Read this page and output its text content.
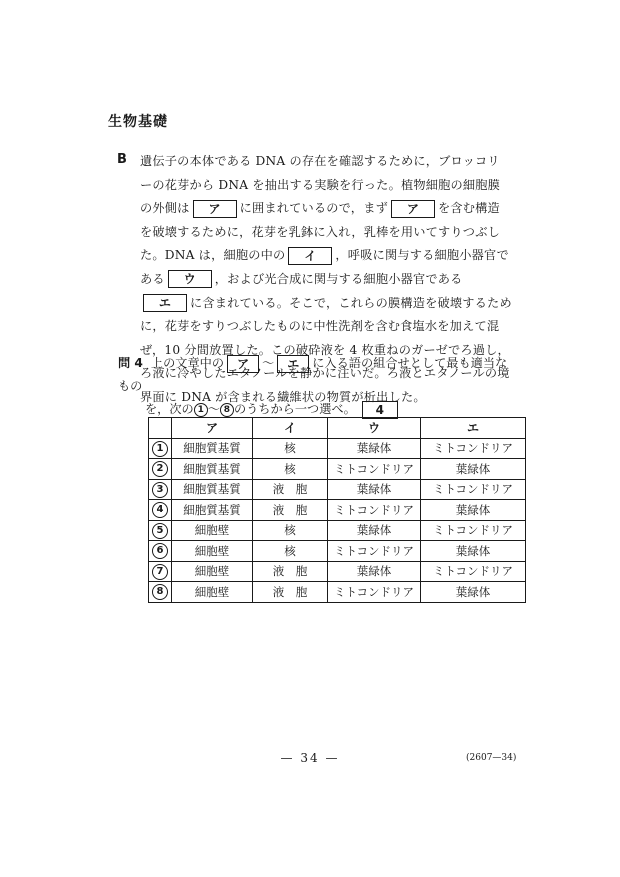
生物基礎
B 遺伝子の本体である DNA の存在を確認するために，ブロッコリーの花芽から DNA を抽出する実験を行った。植物細胞の細胞膜の外側は ア に囲まれているので，まず ア を含む構造を破壊するために，花芽を乳鉢に入れ，乳棒を用いてすりつぶした。DNA は，細胞の中の イ ，呼吸に関与する細胞小器官である ウ ，および光合成に関与する細胞小器官であるエ に含まれている。そこで，これらの膜構造を破壊するために，花芽をすりつぶしたものに中性洗剤を含む食塩水を加えて混ぜ，10 分間放置した。この破砕液を 4 枚重ねのガーゼでろ過し，ろ液に冷やしたエタノールを静かに注いだ。ろ液とエタノールの境界面に DNA が含まれる繊維状の物質が析出した。
問 4 上の文章中の ア ～ エ に入る語の組合せとして最も適当なもの
を，次の 1 ～ 8 のうちから一つ選べ。 4
	ア	イ	ウ	エ
1	細胞質基質	核	葉緑体	ミトコンドリア
2	細胞質基質	核	ミトコンドリア	葉緑体
3	細胞質基質	液　胞	葉緑体	ミトコンドリア
4	細胞質基質	液　胞	ミトコンドリア	葉緑体
5	細胞壁	核	葉緑体	ミトコンドリア
6	細胞壁	核	ミトコンドリア	葉緑体
7	細胞壁	液　胞	葉緑体	ミトコンドリア
8	細胞壁	液　胞	ミトコンドリア	葉緑体
— 34 —	(2607—34)
